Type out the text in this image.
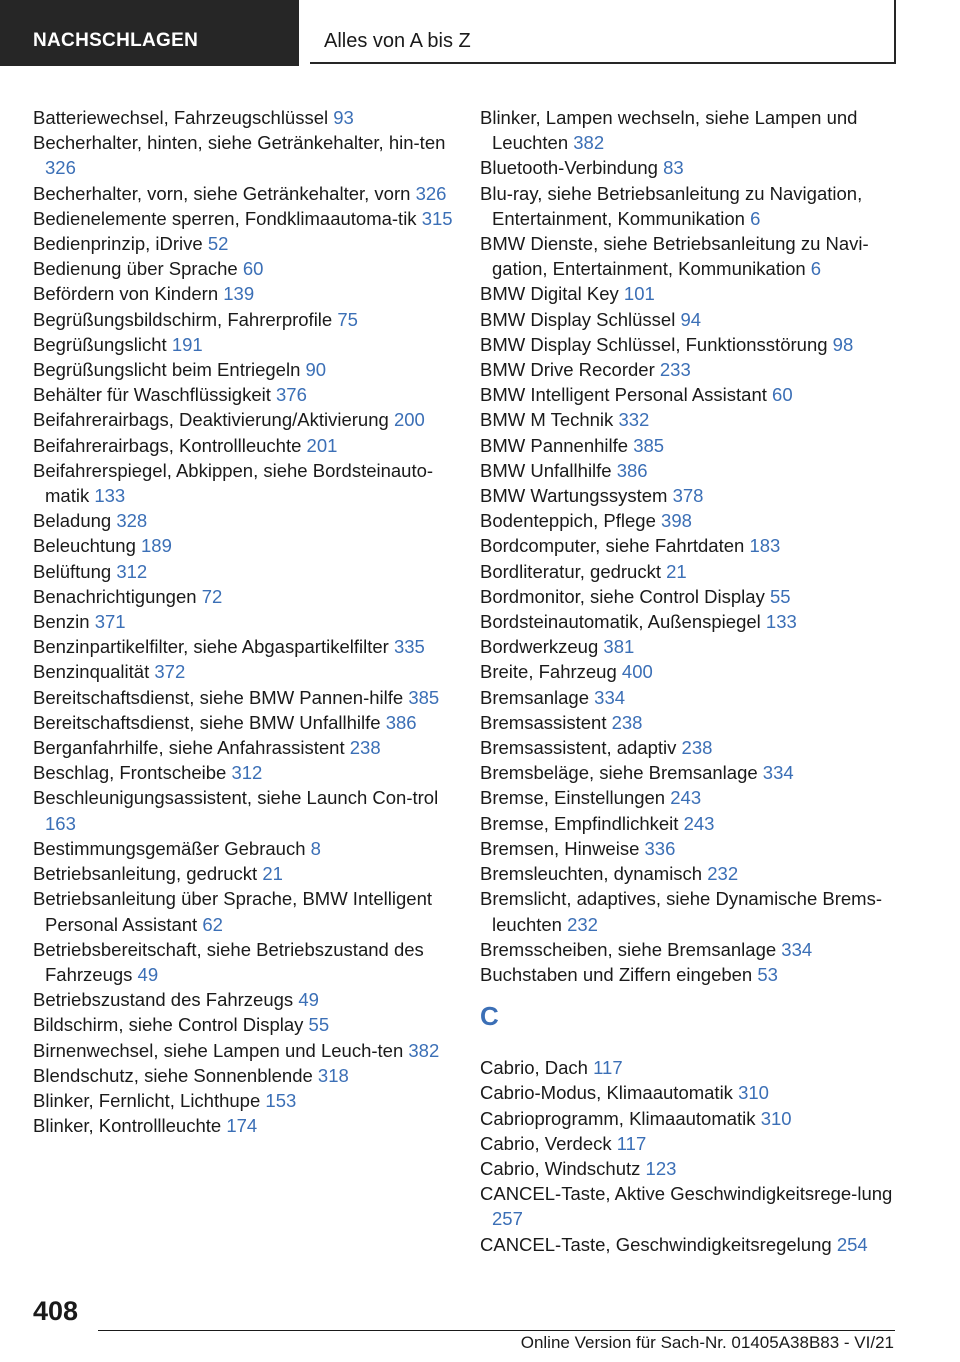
NACHSCHLAGEN	Alles von A bis Z
Batteriewechsel, Fahrzeugschlüssel 93
Becherhalter, hinten, siehe Getränkehalter, hin‐ten 326
Becherhalter, vorn, siehe Getränkehalter, vorn 326
Bedienelemente sperren, Fondklimaautoma‐tik 315
Bedienprinzip, iDrive 52
Bedienung über Sprache 60
Befördern von Kindern 139
Begrüßungsbildschirm, Fahrerprofile 75
Begrüßungslicht 191
Begrüßungslicht beim Entriegeln 90
Behälter für Waschflüssigkeit 376
Beifahrerairbags, Deaktivierung/Aktivierung 200
Beifahrerairbags, Kontrollleuchte 201
Beifahrerspiegel, Abkippen, siehe Bordsteinauto‐matik 133
Beladung 328
Beleuchtung 189
Belüftung 312
Benachrichtigungen 72
Benzin 371
Benzinpartikelfilter, siehe Abgaspartikelfilter 335
Benzinqualität 372
Bereitschaftsdienst, siehe BMW Pannen‐hilfe 385
Bereitschaftsdienst, siehe BMW Unfallhilfe 386
Berganfahrhilfe, siehe Anfahrassistent 238
Beschlag, Frontscheibe 312
Beschleunigungsassistent, siehe Launch Con‐trol 163
Bestimmungsgemäßer Gebrauch 8
Betriebsanleitung, gedruckt 21
Betriebsanleitung über Sprache, BMW Intelligent Personal Assistant 62
Betriebsbereitschaft, siehe Betriebszustand des Fahrzeugs 49
Betriebszustand des Fahrzeugs 49
Bildschirm, siehe Control Display 55
Birnenwechsel, siehe Lampen und Leuch‐ten 382
Blendschutz, siehe Sonnenblende 318
Blinker, Fernlicht, Lichthupe 153
Blinker, Kontrollleuchte 174
Blinker, Lampen wechseln, siehe Lampen und Leuchten 382
Bluetooth-Verbindung 83
Blu-ray, siehe Betriebsanleitung zu Navigation, Entertainment, Kommunikation 6
BMW Dienste, siehe Betriebsanleitung zu Navi‐gation, Entertainment, Kommunikation 6
BMW Digital Key 101
BMW Display Schlüssel 94
BMW Display Schlüssel, Funktionsstörung 98
BMW Drive Recorder 233
BMW Intelligent Personal Assistant 60
BMW M Technik 332
BMW Pannenhilfe 385
BMW Unfallhilfe 386
BMW Wartungssystem 378
Bodenteppich, Pflege 398
Bordcomputer, siehe Fahrtdaten 183
Bordliteratur, gedruckt 21
Bordmonitor, siehe Control Display 55
Bordsteinautomatik, Außenspiegel 133
Bordwerkzeug 381
Breite, Fahrzeug 400
Bremsanlage 334
Bremsassistent 238
Bremsassistent, adaptiv 238
Bremsbeläge, siehe Bremsanlage 334
Bremse, Einstellungen 243
Bremse, Empfindlichkeit 243
Bremsen, Hinweise 336
Bremsleuchten, dynamisch 232
Bremslicht, adaptives, siehe Dynamische Brems‐leuchten 232
Bremsscheiben, siehe Bremsanlage 334
Buchstaben und Ziffern eingeben 53
C
Cabrio, Dach 117
Cabrio-Modus, Klimaautomatik 310
Cabrioprogramm, Klimaautomatik 310
Cabrio, Verdeck 117
Cabrio, Windschutz 123
CANCEL-Taste, Aktive Geschwindigkeitsrege‐lung 257
CANCEL-Taste, Geschwindigkeitsregelung 254
408
Online Version für Sach-Nr. 01405A38B83 - VI/21
